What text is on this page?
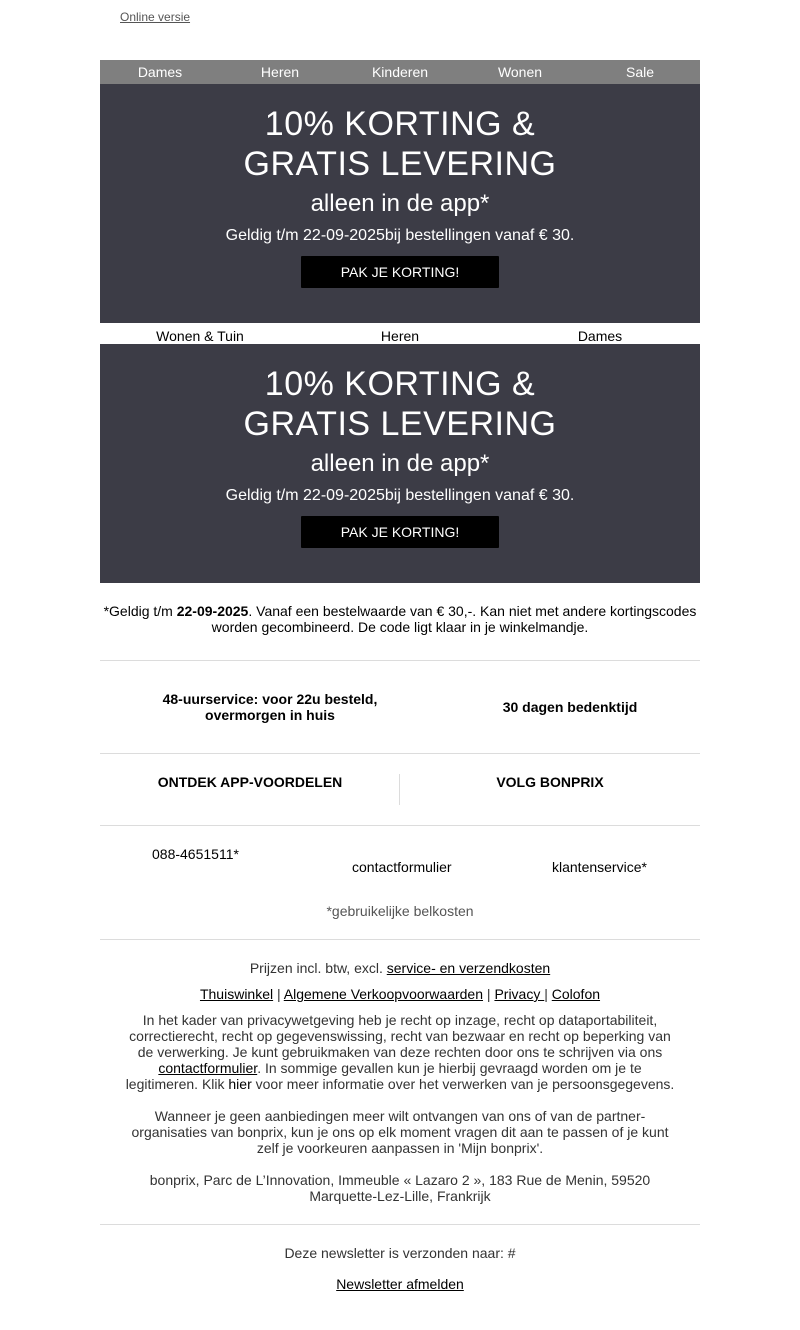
Online versie
Dames	Heren	Kinderen	Wonen	Sale
10% KORTING &
GRATIS LEVERING
alleen in de app*
Geldig t/m 22-09-2025bij bestellingen vanaf € 30.
PAK JE KORTING!
Wonen & Tuin	Heren	Dames
10% KORTING &
GRATIS LEVERING
alleen in de app*
Geldig t/m 22-09-2025bij bestellingen vanaf € 30.
PAK JE KORTING!
*Geldig t/m 22-09-2025. Vanaf een bestelwaarde van € 30,-. Kan niet met andere kortingscodes worden gecombineerd. De code ligt klaar in je winkelmandje.
48-uurservice: voor 22u besteld, overmorgen in huis	30 dagen bedenktijd
ONTDEK APP-VOORDELEN	VOLG BONPRIX
088-4651511*
contactformulier	klantenservice*
*gebruikelijke belkosten

Prijzen incl. btw, excl. service- en verzendkosten

Thuiswinkel | Algemene Verkoopvoorwaarden | Privacy | Colofon

In het kader van privacywetgeving heb je recht op inzage, recht op dataportabiliteit, correctierecht, recht op gegevenswissing, recht van bezwaar en recht op beperking van de verwerking. Je kunt gebruikmaken van deze rechten door ons te schrijven via ons contactformulier. In sommige gevallen kun je hierbij gevraagd worden om je te legitimeren. Klik hier voor meer informatie over het verwerken van je persoonsgegevens.

Wanneer je geen aanbiedingen meer wilt ontvangen van ons of van de partner-organisaties van bonprix, kun je ons op elk moment vragen dit aan te passen of je kunt zelf je voorkeuren aanpassen in 'Mijn bonprix'.

bonprix, Parc de L’Innovation, Immeuble « Lazaro 2 », 183 Rue de Menin, 59520 Marquette-Lez-Lille, Frankrijk

Deze newsletter is verzonden naar: #
Newsletter afmelden
